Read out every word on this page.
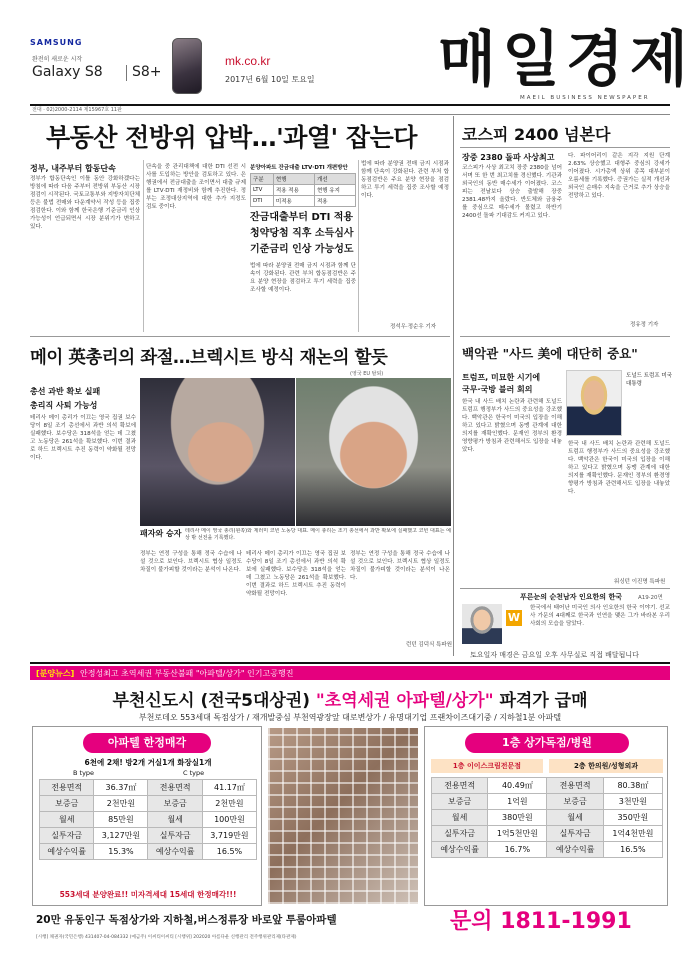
SAMSUNG
완전히 새로운 시작
Galaxy S8 S8+
mk.co.kr
2017년 6월 10일 토요일 매일경제
MAEIL BUSINESS NEWSPAPER
전대 · 02)2000-2114 제15967호 11판
부동산 전방위 압박…'과열' 잡는다
정부, 내주부터 합동단속
정부가 합동단속인 이틀 동안 강화하겠다는 방침에 따라 다음 주부터 전방위 부동산 시장 점검이 시작된다. 국토교통부와 지방자치단체 등은 불법 전매와 다운계약서 작성 등을 집중 점검한다. 이와 함께 한국은행 기준금리 인상 가능성이 언급되면서 시장 분위기가 변하고 있다.
단속을 중 관리대책에 대한 DTI 선전 시사를 도입하는 방안을 검토하고 있다. 은행권에서 전금대출을 조이면서 대출 규제를 LTV·DTI 재정비와 함께 추진한다. 정부는 조정대상지역에 대한 추가 지정도 검토 중이다.
분양아파트 잔금대출 LTV·DTI 개편방안
구분	현행	개선
LTV	적용 적용	현행 유지
DTI	미적용	적용
잔금대출부터 DTI 적용
청약당첨 직후 소득심사
기준금리 인상 가능성도
법에 따라 분양권 전매 금지 시점과 함께 단속이 강화된다. 관련 부처 합동점검반은 주요 분양 현장을 점검하고 투기 세력을 집중 조사할 예정이다.
법에 따라 분양권 전매 금지 시점과 함께 단속이 강화된다. 관련 부처 합동점검반은 주요 분양 현장을 점검하고 투기 세력을 집중 조사할 예정이다.
정석우·정순우 기자
코스피 2400 넘본다
장중 2380 돌파 사상최고
코스피가 사상 최고치 장중 2380을 넘어서며 또 한 번 최고치를 경신했다. 기관과 외국인의 동반 매수세가 이어졌다. 코스피는 전날보다 상승 출발해 장중 2381.48까지 올랐다. 반도체와 금융주를 중심으로 매수세가 몰렸고 하반기 2400선 돌파 기대감도 커지고 있다.
다. 파이어리이 같은 지각 지원 단계 2.63% 상승했고 대형주 중심의 강세가 이어졌다. 시가총액 상위 종목 대부분이 오름세를 기록했다. 증권가는 실적 개선과 외국인 순매수 지속을 근거로 추가 상승을 전망하고 있다.
정유정 기자
백악관 "사드 美에 대단히 중요"
트럼프, 미묘한 시기에
국무·국방 블러 회의
도널드 트럼프 미국 대통령
한국 내 사드 배치 논란과 관련해 도널드 트럼프 행정부가 사드의 중요성을 강조했다. 백악관은 한국이 미국의 입장을 이해하고 있다고 밝혔으며 동맹 관계에 대한 의지를 재확인했다. 문재인 정부의 환경영향평가 방침과 관련해서도 입장을 내놓았다.
한국 내 사드 배치 논란과 관련해 도널드 트럼프 행정부가 사드의 중요성을 강조했다. 백악관은 한국이 미국의 입장을 이해하고 있다고 밝혔으며 동맹 관계에 대한 의지를 재확인했다. 문재인 정부의 환경영향평가 방침과 관련해서도 입장을 내놓았다.
워싱턴 이진명 특파원
푸른눈의 순천남자 인요한의 한국	A19·20면
W
한국에서 태어난 미국인 의사 인요한의 한국 이야기. 선교사 가문의 4대째로 한국과 인연을 맺은 그가 바라본 우리 사회의 모습을 담았다.
토요일자 매경은 금요일 오후 사무실로 직접 배달됩니다
메이 英총리의 좌절…브렉시트 방식 재논의 할듯
(영국 EU 탈퇴)
총선 과반 확보 실패
총리직 사퇴 가능성
테리사 메이 총리가 이끄는 영국 집권 보수당이 8일 조기 총선에서 과반 의석 확보에 실패했다. 보수당은 318석을 얻는 데 그쳤고 노동당은 261석을 확보했다. 이번 결과로 하드 브렉시트 추진 동력이 약화될 전망이다.
패자와 승자 테리사 메이 영국 총리(왼쪽)와 제러미 코빈 노동당 대표. 메이 총리는 조기 총선에서 과반 확보에 실패했고 코빈 대표는 예상 밖 선전을 기록했다.
정부는 연정 구성을 통해 정국 수습에 나설 것으로 보인다. 브렉시트 협상 일정도 차질이 불가피할 것이라는 분석이 나온다.
테리사 메이 총리가 이끄는 영국 집권 보수당이 8일 조기 총선에서 과반 의석 확보에 실패했다. 보수당은 318석을 얻는 데 그쳤고 노동당은 261석을 확보했다. 이번 결과로 하드 브렉시트 추진 동력이 약화될 전망이다.
정부는 연정 구성을 통해 정국 수습에 나설 것으로 보인다. 브렉시트 협상 일정도 차질이 불가피할 것이라는 분석이 나온다.
런던 김덕식 특파원
[분양뉴스] 안정성최고 초역세권 부동산불패 "아파텔/상가" 인기고공행진
부천신도시 (전국5대상권) "초역세권 아파텔/상가" 파격가 급매
부천로데오 553세대 독점상가 / 재개발중심 부천역광장앞 대로변상가 / 유명대기업 프랜차이즈대기중 / 지하철1분 아파텔
아파텔 한정매각
6천에 2채! 방2개 거실1개 화장실1개
B type	C type
전용면적	36.37㎡	전용면적	41.17㎡
보증금	2천만원	보증금	2천만원
월세	85만원	월세	100만원
실투자금	3,127만원	실투자금	3,719만원
예상수익률	15.3%	예상수익률	16.5%
553세대 분양완료!! 미자격세대 15세대 한정매각!!!
1층 상가독점/병원
1층 이이스크림전문점	2층 한의원/성형외과
전용면적	40.49㎡	전용면적	80.38㎡
보증금	1억원	보증금	3천만원
월세	380만원	월세	350만원
실투자금	1억5천만원	실투자금	1억4천만원
예상수익률	16.7%	예상수익률	16.5%
20만 유동인구 독점상가와 지하철,버스정류장 바로앞 투룸아파텔	문의 1811-1991
[시행] 채권자(국민은행) 431407-04-084332 (예금주) 이씨티이씨티 [시행위] 202020 아름다운 신행관리 전주행위관리제(타관제)
